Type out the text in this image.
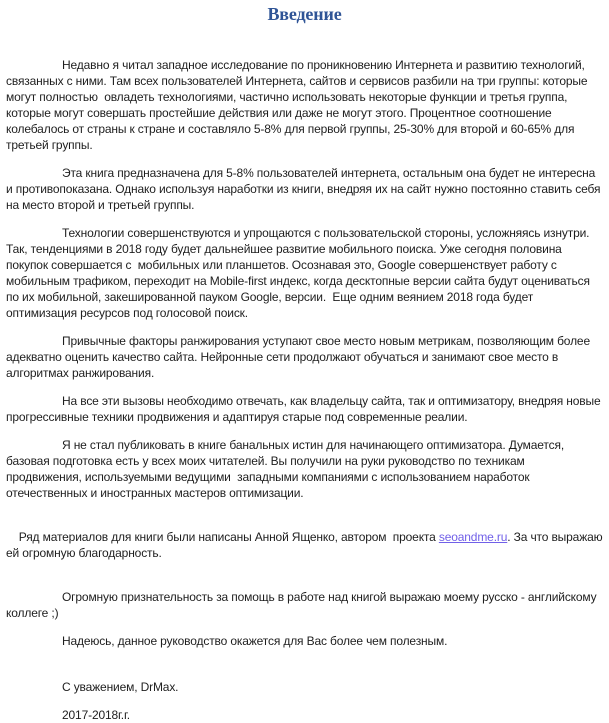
Введение

Недавно я читал западное исследование по проникновению Интернета и развитию технологий, связанных с ними. Там всех пользователей Интернета, сайтов и сервисов разбили на три группы: которые могут полностью  овладеть технологиями, частично использовать некоторые функции и третья группа, которые могут совершать простейшие действия или даже не могут этого. Процентное соотношение колебалось от страны к стране и составляло 5-8% для первой группы, 25-30% для второй и 60-65% для третьей группы.

Эта книга предназначена для 5-8% пользователей интернета, остальным она будет не интересна и противопоказана. Однако используя наработки из книги, внедряя их на сайт нужно постоянно ставить себя на место второй и третьей группы.

Технологии совершенствуются и упрощаются с пользовательской стороны, усложняясь изнутри. Так, тенденциями в 2018 году будет дальнейшее развитие мобильного поиска. Уже сегодня половина покупок совершается с  мобильных или планшетов. Осознавая это, Google совершенствует работу с мобильным трафиком, переходит на Mobile-first индекс, когда десктопные версии сайта будут оцениваться по их мобильной, закешированной пауком Google, версии.  Еще одним веянием 2018 года будет оптимизация ресурсов под голосовой поиск.

Привычные факторы ранжирования уступают свое место новым метрикам, позволяющим более адекватно оценить качество сайта. Нейронные сети продолжают обучаться и занимают свое место в алгоритмах ранжирования.

На все эти вызовы необходимо отвечать, как владельцу сайта, так и оптимизатору, внедряя новые прогрессивные техники продвижения и адаптируя старые под современные реалии.

Я не стал публиковать в книге банальных истин для начинающего оптимизатора. Думается, базовая подготовка есть у всех моих читателей. Вы получили на руки руководство по техникам продвижения, используемыми ведущими  западными компаниями с использованием наработок отечественных и иностранных мастеров оптимизации.

Ряд материалов для книги были написаны Анной Ященко, автором  проекта seoandme.ru. За что выражаю ей огромную благодарность.

Огромную признательность за помощь в работе над книгой выражаю моему русско - английскому коллеге ;)

Надеюсь, данное руководство окажется для Вас более чем полезным.

С уважением, DrMax.

2017-2018г.г.
